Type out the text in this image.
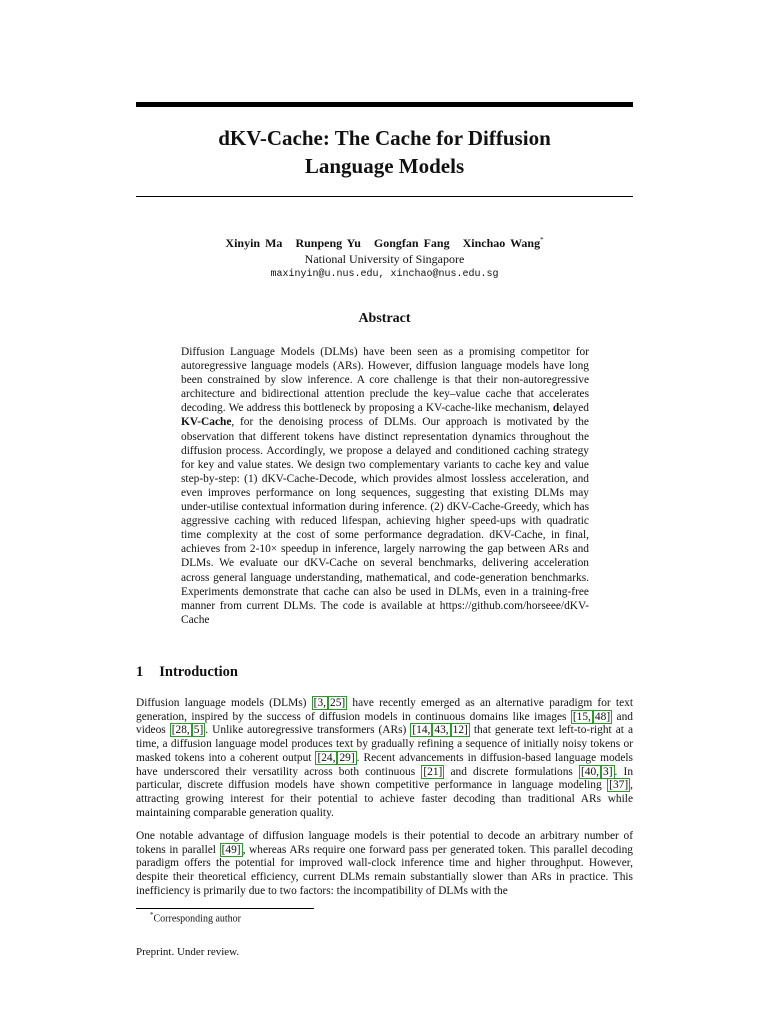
dKV-Cache: The Cache for Diffusion
Language Models
Xinyin Ma Runpeng Yu Gongfan Fang Xinchao Wang*
National University of Singapore
maxinyin@u.nus.edu, xinchao@nus.edu.sg
Abstract
Diffusion Language Models (DLMs) have been seen as a promising competitor for autoregressive language models (ARs). However, diffusion language models have long been constrained by slow inference. A core challenge is that their non-autoregressive architecture and bidirectional attention preclude the key–value cache that accelerates decoding. We address this bottleneck by proposing a KV-cache-like mechanism, delayed KV-Cache, for the denoising process of DLMs. Our approach is motivated by the observation that different tokens have distinct representation dynamics throughout the diffusion process. Accordingly, we propose a delayed and conditioned caching strategy for key and value states. We design two complementary variants to cache key and value step-by-step: (1) dKV-Cache-Decode, which provides almost lossless acceleration, and even improves performance on long sequences, suggesting that existing DLMs may under-utilise contextual information during inference. (2) dKV-Cache-Greedy, which has aggressive caching with reduced lifespan, achieving higher speed-ups with quadratic time complexity at the cost of some performance degradation. dKV-Cache, in final, achieves from 2-10× speedup in inference, largely narrowing the gap between ARs and DLMs. We evaluate our dKV-Cache on several benchmarks, delivering acceleration across general language understanding, mathematical, and code-generation benchmarks. Experiments demonstrate that cache can also be used in DLMs, even in a training-free manner from current DLMs. The code is available at https://github.com/horseee/dKV-Cache
1 Introduction
Diffusion language models (DLMs) [3, 25] have recently emerged as an alternative paradigm for text generation, inspired by the success of diffusion models in continuous domains like images [15, 48] and videos [28, 5] . Unlike autoregressive transformers (ARs) [14, 43, 12] that generate text left-to-right at a time, a diffusion language model produces text by gradually refining a sequence of initially noisy tokens or masked tokens into a coherent output [24, 29] . Recent advancements in diffusion-based language models have underscored their versatility across both continuous [21] and discrete formulations [40, 3] . In particular, discrete diffusion models have shown competitive performance in language modeling [37] , attracting growing interest for their potential to achieve faster decoding than traditional ARs while maintaining comparable generation quality.
One notable advantage of diffusion language models is their potential to decode an arbitrary number of tokens in parallel [49] , whereas ARs require one forward pass per generated token. This parallel decoding paradigm offers the potential for improved wall-clock inference time and higher throughput. However, despite their theoretical efficiency, current DLMs remain substantially slower than ARs in practice. This inefficiency is primarily due to two factors: the incompatibility of DLMs with the
*Corresponding author
Preprint. Under review.
